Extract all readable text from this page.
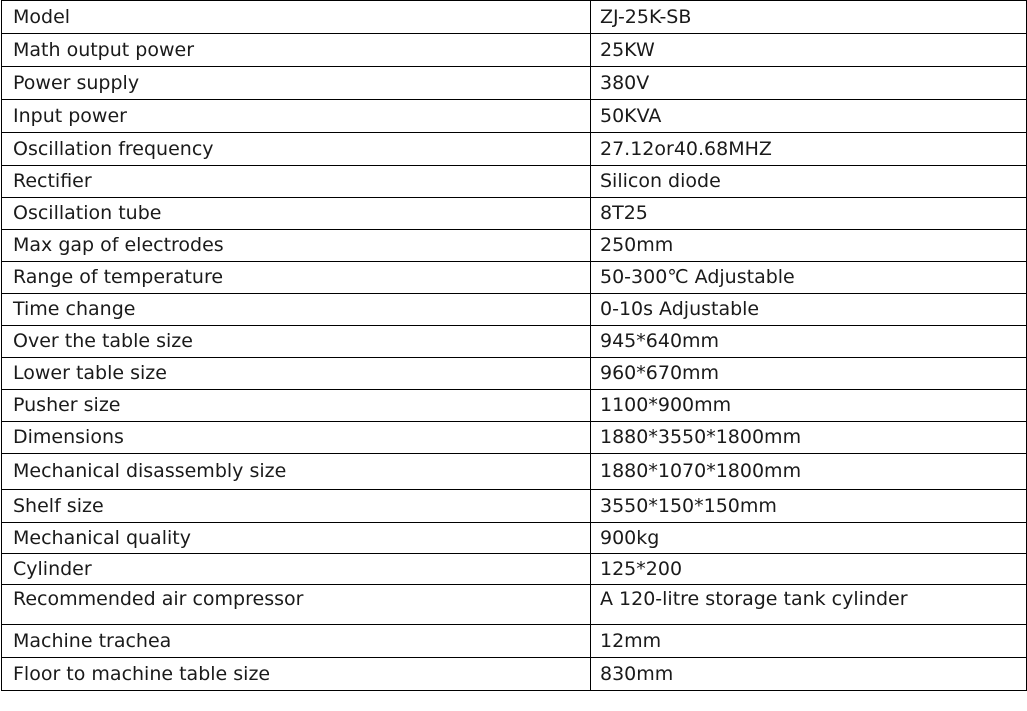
Model	ZJ-25K-SB
Math output power	25KW
Power supply	380V
Input power	50KVA
Oscillation frequency	27.12or40.68MHZ
Rectifier	Silicon diode
Oscillation tube	8T25
Max gap of electrodes	250mm
Range of temperature	50-300℃ Adjustable
Time change	0-10s Adjustable
Over the table size	945*640mm
Lower table size	960*670mm
Pusher size	1100*900mm
Dimensions	1880*3550*1800mm
Mechanical disassembly size	1880*1070*1800mm
Shelf size	3550*150*150mm
Mechanical quality	900kg
Cylinder	125*200
Recommended air compressor	A 120-litre storage tank cylinder
Machine trachea	12mm
Floor to machine table size	830mm
